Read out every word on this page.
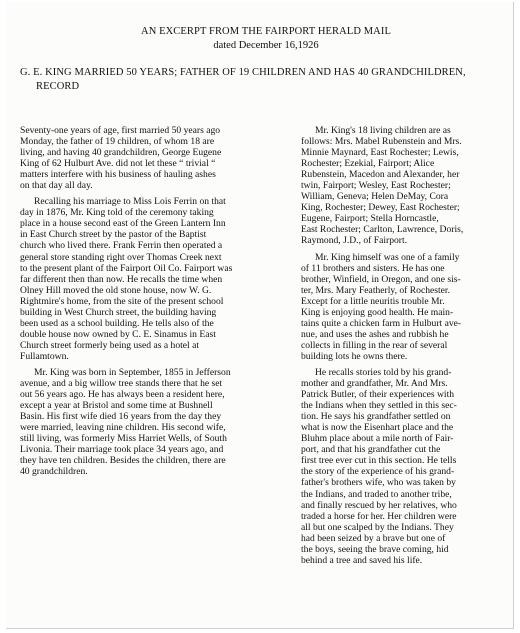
AN EXCERPT FROM THE FAIRPORT HERALD MAIL
dated December 16,1926
G. E. KING MARRIED 50 YEARS; FATHER OF 19 CHILDREN AND HAS 40 GRANDCHILDREN,
RECORD

Seventy-one years of age, first married 50 years ago
Monday, the father of 19 children, of whom 18 are
living, and having 40 grandchildren, George Eugene
King of 62 Hulburt Ave. did not let these “ trivial “
matters interfere with his business of hauling ashes
on that day all day.

Recalling his marriage to Miss Lois Ferrin on that
day in 1876, Mr. King told of the ceremony taking
place in a house second east of the Green Lantern Inn
in East Church street by the pastor of the Baptist
church who lived there. Frank Ferrin then operated a
general store standing right over Thomas Creek next
to the present plant of the Fairport Oil Co. Fairport was
far different then than now. He recalls the time when
Olney Hill moved the old stone house, now W. G.
Rightmire's home, from the site of the present school
building in West Church street, the building having
been used as a school building. He tells also of the
double house now owned by C. E. Sinamus in East
Church street formerly being used as a hotel at
Fullamtown.

Mr. King was born in September, 1855 in Jefferson
avenue, and a big willow tree stands there that he set
out 56 years ago. He has always been a resident here,
except a year at Bristol and some time at Bushnell
Basin. His first wife died 16 years from the day they
were married, leaving nine children. His second wife,
still living, was formerly Miss Harriet Wells, of South
Livonia. Their marriage took place 34 years ago, and
they have ten children. Besides the children, there are
40 grandchildren.

Mr. King's 18 living children are as
follows: Mrs. Mabel Rubenstein and Mrs.
Minnie Maynard, East Rochester; Lewis,
Rochester; Ezekial, Fairport; Alice
Rubenstein, Macedon and Alexander, her
twin, Fairport; Wesley, East Rochester;
William, Geneva; Helen DeMay, Cora
King, Rochester; Dewey, East Rochester;
Eugene, Fairport; Stella Horncastle,
East Rochester; Carlton, Lawrence, Doris,
Raymond, J.D., of Fairport.

Mr. King himself was one of a family
of 11 brothers and sisters. He has one
brother, Winfield, in Oregon, and one sis-
ter, Mrs. Mary Featherly, of Rochester.
Except for a little neuritis trouble Mr.
King is enjoying good health. He main-
tains quite a chicken farm in Hulburt ave-
nue, and uses the ashes and rubbish he
collects in filling in the rear of several
building lots he owns there.

He recalls stories told by his grand-
mother and grandfather, Mr. And Mrs.
Patrick Butler, of their experiences with
the Indians when they settled in this sec-
tion. He says his grandfather settled on
what is now the Eisenhart place and the
Bluhm place about a mile north of Fair-
port, and that his grandfather cut the
first tree ever cut in this section. He tells
the story of the experience of his grand-
father's brothers wife, who was taken by
the Indians, and traded to another tribe,
and finally rescued by her relatives, who
traded a horse for her. Her children were
all but one scalped by the Indians. They
had been seized by a brave but one of
the boys, seeing the brave coming, hid
behind a tree and saved his life.
